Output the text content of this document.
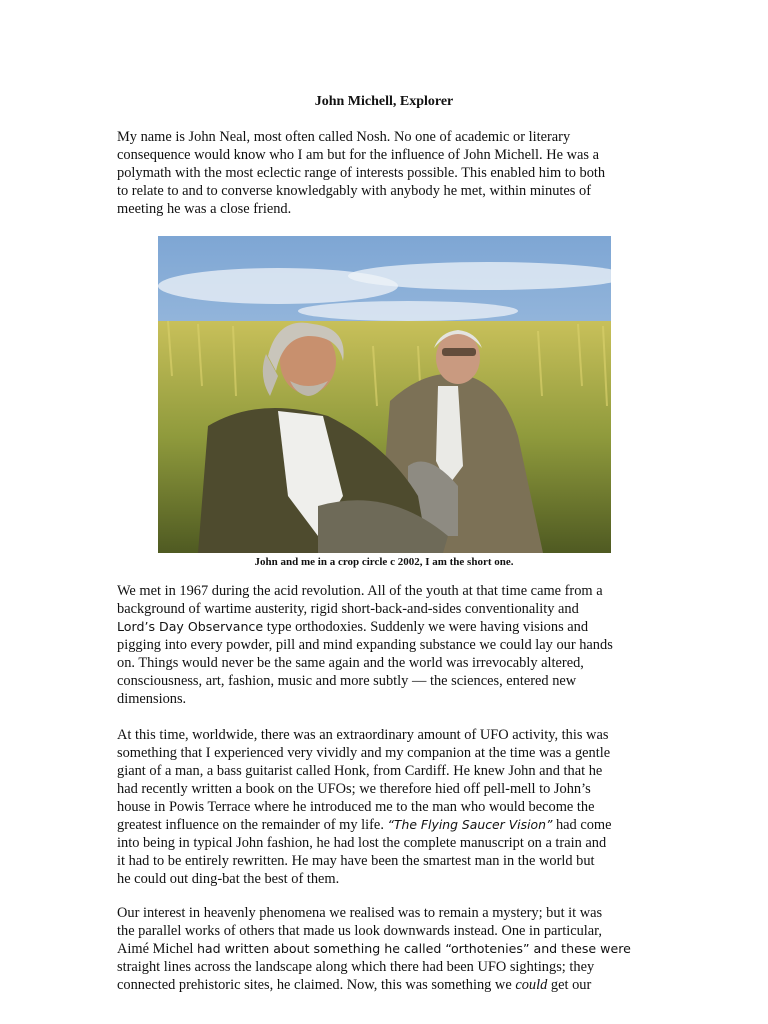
John Michell, Explorer

My name is John Neal, most often called Nosh. No one of academic or literary
consequence would know who I am but for the influence of John Michell. He was a
polymath with the most eclectic range of interests possible. This enabled him to both
to relate to and to converse knowledgably with anybody he met, within minutes of
meeting he was a close friend.

John and me in a crop circle c 2002, I am the short one.

We met in 1967 during the acid revolution. All of the youth at that time came from a
background of wartime austerity, rigid short-back-and-sides conventionality and
Lord’s Day Observance type orthodoxies. Suddenly we were having visions and
pigging into every powder, pill and mind expanding substance we could lay our hands
on. Things would never be the same again and the world was irrevocably altered,
consciousness, art, fashion, music and more subtly — the sciences, entered new
dimensions.

At this time, worldwide, there was an extraordinary amount of UFO activity, this was
something that I experienced very vividly and my companion at the time was a gentle
giant of a man, a bass guitarist called Honk, from Cardiff. He knew John and that he
had recently written a book on the UFOs; we therefore hied off pell-mell to John’s
house in Powis Terrace where he introduced me to the man who would become the
greatest influence on the remainder of my life. “The Flying Saucer Vision” had come
into being in typical John fashion, he had lost the complete manuscript on a train and
it had to be entirely rewritten. He may have been the smartest man in the world but
he could out ding-bat the best of them.

Our interest in heavenly phenomena we realised was to remain a mystery; but it was
the parallel works of others that made us look downwards instead. One in particular,
Aimé Michel had written about something he called “orthotenies” and these were
straight lines across the landscape along which there had been UFO sightings; they
connected prehistoric sites, he claimed. Now, this was something we could get our
